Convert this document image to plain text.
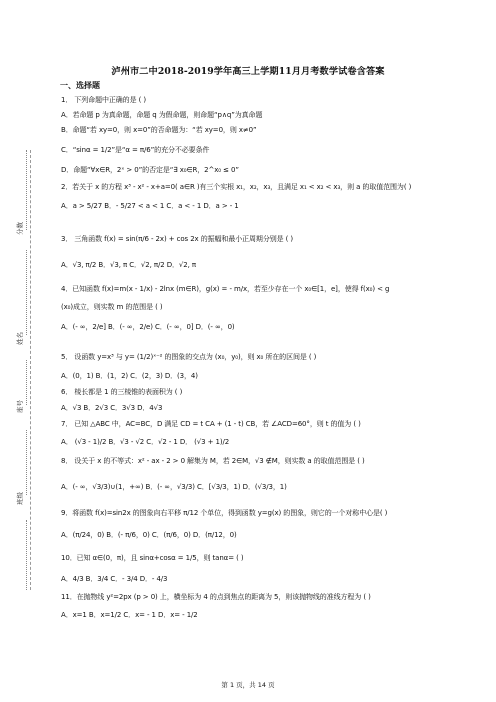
分数
姓名
座号
班级
泸州市二中2018-2019学年高三上学期11月月考数学试卷含答案
一、选择题
1． 下列命题中正确的是 ( )
A．若命题 p 为真命题，命题 q 为假命题，则命题“p∧q”为真命题
B．命题“若 xy=0，则 x=0”的否命题为：“若 xy=0，则 x≠0”
C．“sinα = 1/2”是“α = π/6”的充分不必要条件
D．命题“∀x∈R，2ˣ > 0”的否定是“∃ x₀∈R，2^x₀ ≤ 0”
2．若关于 x 的方程 x³ - x² - x+a=0( a∈R )有三个实根 x₁，x₂，x₃，且满足 x₁ < x₂ < x₃，则 a 的取值范围为( )
A．a > 5/27 B．- 5/27 < a < 1 C．a < - 1 D．a > - 1
3． 三角函数 f(x) = sin(π/6 - 2x) + cos 2x 的振幅和最小正周期分别是 ( )
A．√3, π/2 B．√3, π C．√2, π/2 D．√2, π
4．已知函数 f(x)=m(x - 1/x) - 2lnx (m∈R)，g(x) = - m/x，若至少存在一个 x₀∈[1，e]，使得 f(x₀) < g
(x₀)成立，则实数 m 的范围是 ( )
A．(- ∞，2/e] B．(- ∞，2/e) C．(- ∞，0] D．(- ∞，0)
5． 设函数 y=x³ 与 y= (1/2)ˣ⁻² 的图象的交点为 (x₀，y₀)，则 x₀ 所在的区间是 ( )
A．(0，1) B．(1，2) C．(2，3) D．(3，4)
6． 棱长都是 1 的三棱锥的表面积为 ( )
A．√3 B．2√3 C．3√3 D．4√3
7． 已知 △ABC 中，AC=BC，D 满足 CD = t CA + (1 - t) CB，若 ∠ACD=60°，则 t 的值为 ( )
A． (√3 - 1)/2 B．√3 - √2 C．√2 - 1 D． (√3 + 1)/2
8． 设关于 x 的不等式：x² - ax - 2 > 0 解集为 M，若 2∈M，√3 ∉M，则实数 a 的取值范围是 ( )
A．(- ∞，√3/3)∪(1，+∞) B．(- ∞，√3/3) C．[√3/3，1) D．(√3/3，1)
9．将函数 f(x)=sin2x 的图象向右平移 π/12 个单位，得到函数 y=g(x) 的图象，则它的一个对称中心是( )
A．(π/24，0) B．(- π/6，0) C．(π/6，0) D．(π/12，0)
10．已知 α∈(0，π)，且 sinα+cosα = 1/5，则 tanα= ( )
A．4/3 B．3/4 C．- 3/4 D．- 4/3
11．在抛物线 y²=2px (p > 0) 上，横坐标为 4 的点到焦点的距离为 5，则该抛物线的准线方程为 ( )
A．x=1 B．x=1/2 C．x= - 1 D．x= - 1/2
第 1 页，共 14 页
